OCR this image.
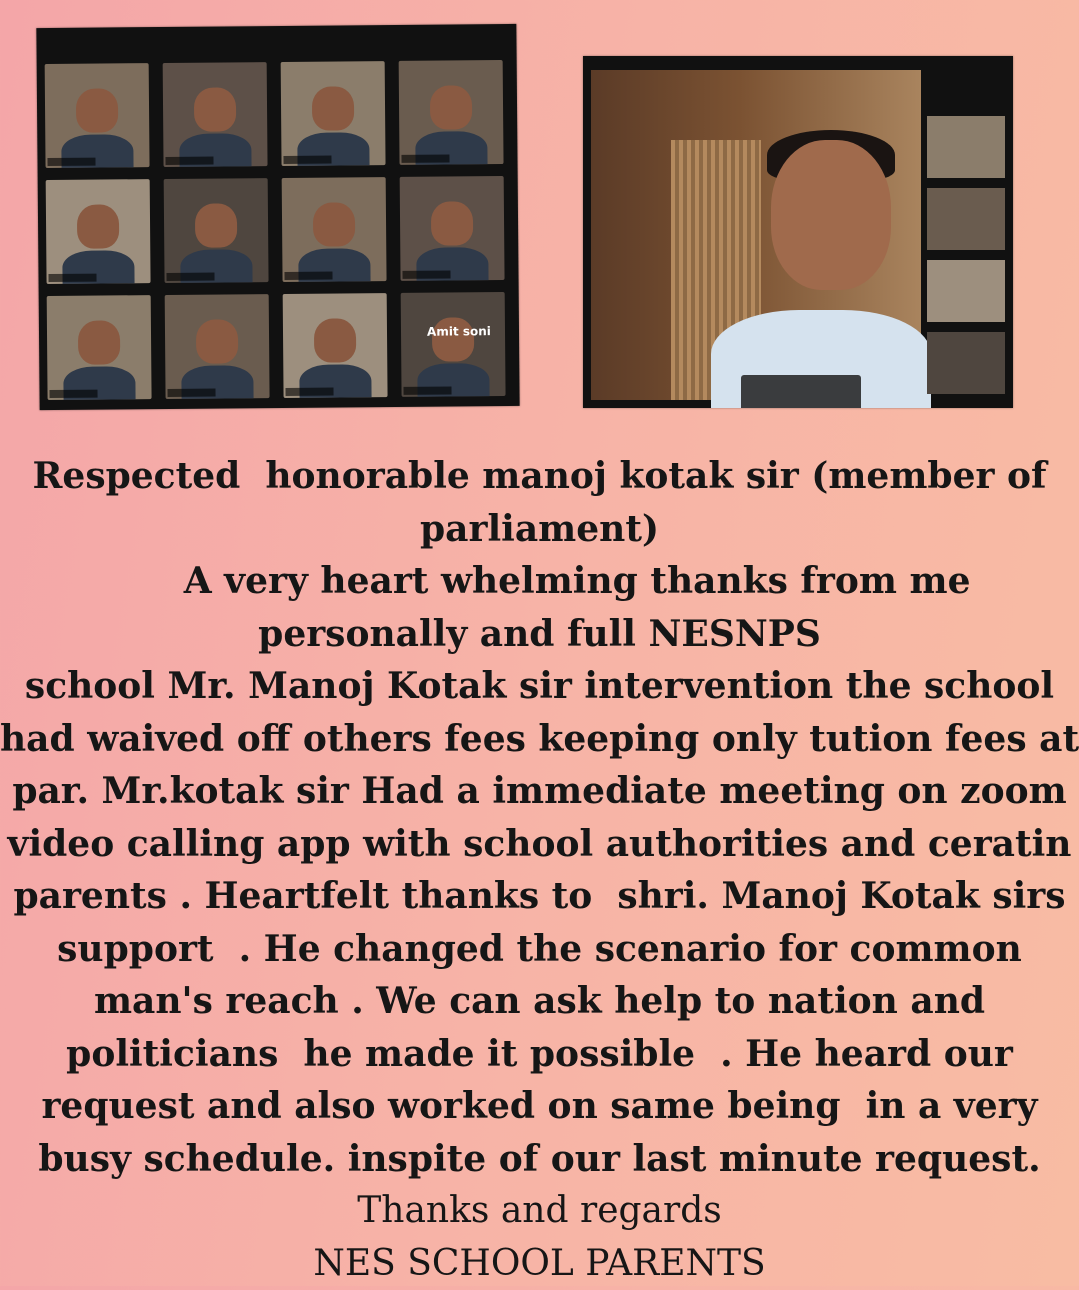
Amit soni
Respected  honorable manoj kotak sir (member of
parliament)
A very heart whelming thanks from me
personally and full NESNPS
school Mr. Manoj Kotak sir intervention the school
had waived off others fees keeping only tution fees at
par. Mr.kotak sir Had a immediate meeting on zoom
video calling app with school authorities and ceratin
parents . Heartfelt thanks to  shri. Manoj Kotak sirs
support  . He changed the scenario for common
man's reach . We can ask help to nation and
politicians  he made it possible  . He heard our
request and also worked on same being  in a very
busy schedule. inspite of our last minute request.
Thanks and regards
NES SCHOOL PARENTS
